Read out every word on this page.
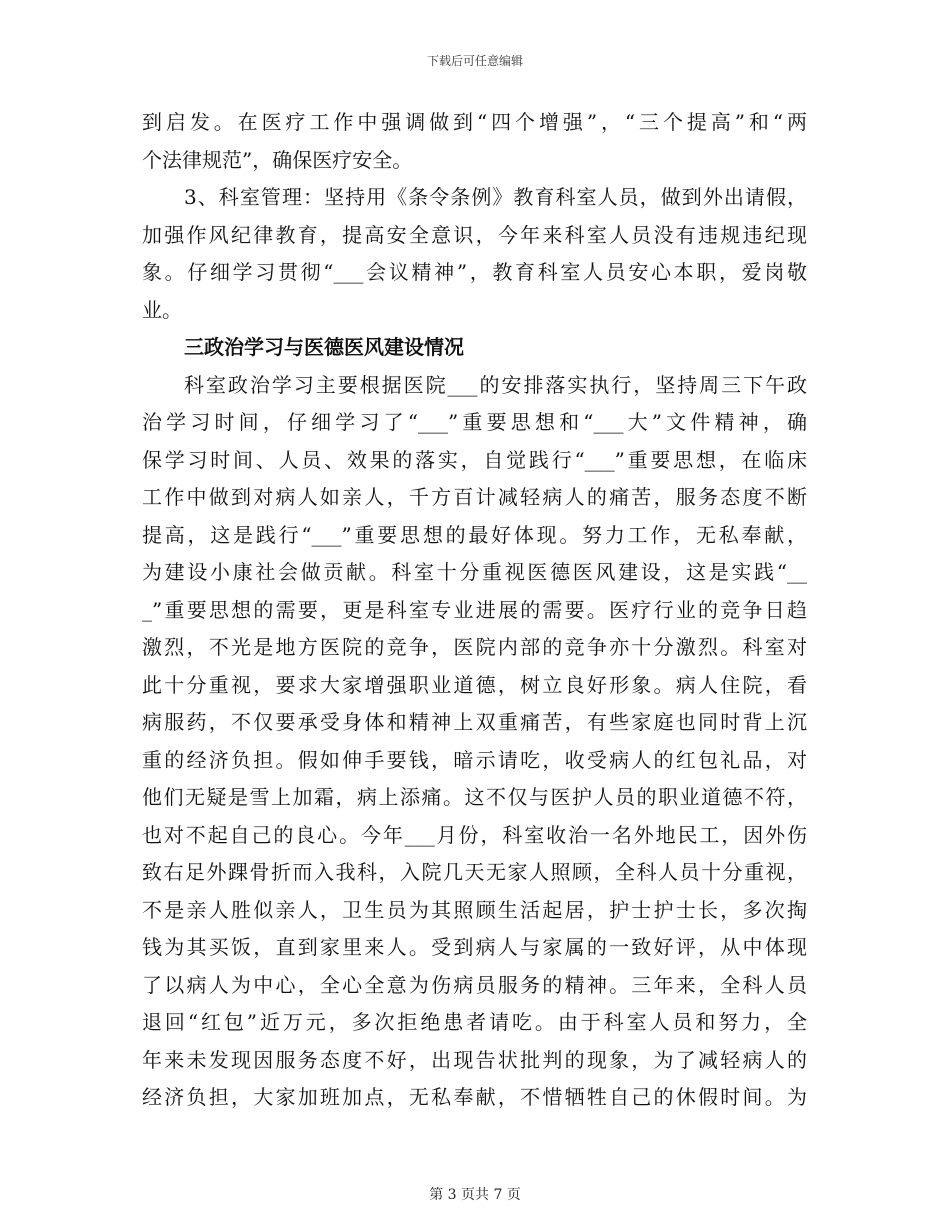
下载后可任意编辑
到启发。在医疗工作中强调做到“四个增强”，“三个提高”和“两
个法律规范”，确保医疗安全。
3、科室管理：坚持用《条令条例》教育科室人员，做到外出请假，
加强作风纪律教育，提高安全意识，今年来科室人员没有违规违纪现
象。仔细学习贯彻“___会议精神”，教育科室人员安心本职，爱岗敬
业。
三政治学习与医德医风建设情况
科室政治学习主要根据医院___的安排落实执行，坚持周三下午政
治学习时间，仔细学习了“___”重要思想和“___大”文件精神，确
保学习时间、人员、效果的落实，自觉践行“___”重要思想，在临床
工作中做到对病人如亲人，千方百计减轻病人的痛苦，服务态度不断
提高，这是践行“___”重要思想的最好体现。努力工作，无私奉献，
为建设小康社会做贡献。科室十分重视医德医风建设，这是实践“__
_”重要思想的需要，更是科室专业进展的需要。医疗行业的竞争日趋
激烈，不光是地方医院的竞争，医院内部的竞争亦十分激烈。科室对
此十分重视，要求大家增强职业道德，树立良好形象。病人住院，看
病服药，不仅要承受身体和精神上双重痛苦，有些家庭也同时背上沉
重的经济负担。假如伸手要钱，暗示请吃，收受病人的红包礼品，对
他们无疑是雪上加霜，病上添痛。这不仅与医护人员的职业道德不符，
也对不起自己的良心。今年___月份，科室收治一名外地民工，因外伤
致右足外踝骨折而入我科，入院几天无家人照顾，全科人员十分重视，
不是亲人胜似亲人，卫生员为其照顾生活起居，护士护士长，多次掏
钱为其买饭，直到家里来人。受到病人与家属的一致好评，从中体现
了以病人为中心，全心全意为伤病员服务的精神。三年来，全科人员
退回“红包”近万元，多次拒绝患者请吃。由于科室人员和努力，全
年来未发现因服务态度不好，出现告状批判的现象，为了减轻病人的
经济负担，大家加班加点，无私奉献，不惜牺牲自己的休假时间。为
第 3 页共 7 页
